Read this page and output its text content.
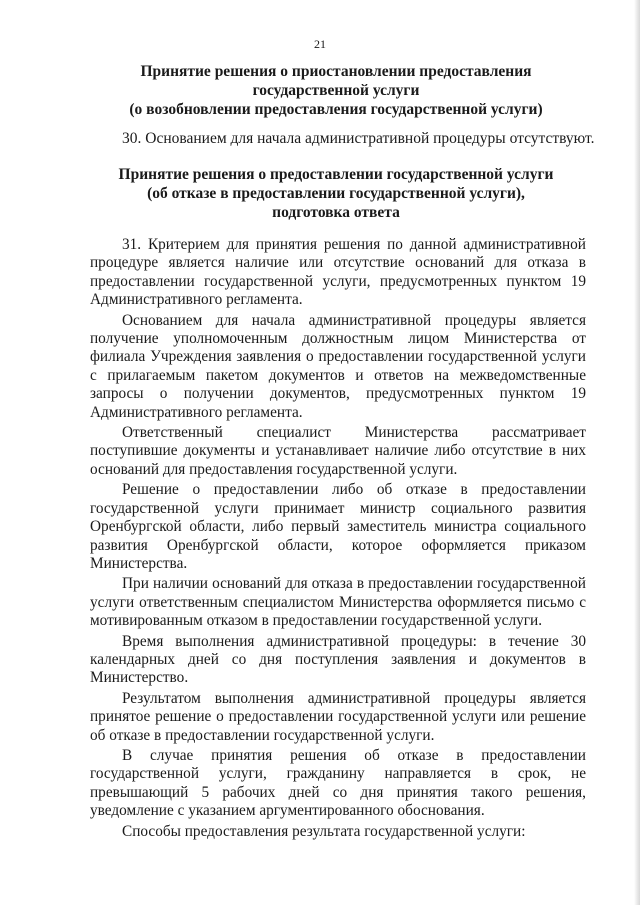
21
Принятие решения о приостановлении предоставления
государственной услуги
(о возобновлении предоставления государственной услуги)
30. Основанием для начала административной процедуры отсутствуют.
Принятие решения о предоставлении государственной услуги
(об отказе в предоставлении государственной услуги),
подготовка ответа

31. Критерием для принятия решения по данной административной процедуре является наличие или отсутствие оснований для отказа в предоставлении государственной услуги, предусмотренных пунктом 19 Административного регламента.

Основанием для начала административной процедуры является получение уполномоченным должностным лицом Министерства от филиала Учреждения заявления о предоставлении государственной услуги с прилагаемым пакетом документов и ответов на межведомственные запросы о получении документов, предусмотренных пунктом 19 Административного регламента.

Ответственный специалист Министерства рассматривает поступившие документы и устанавливает наличие либо отсутствие в них оснований для предоставления государственной услуги.

Решение о предоставлении либо об отказе в предоставлении государственной услуги принимает министр социального развития Оренбургской области, либо первый заместитель министра социального развития Оренбургской области, которое оформляется приказом Министерства.

При наличии оснований для отказа в предоставлении государственной услуги ответственным специалистом Министерства оформляется письмо с мотивированным отказом в предоставлении государственной услуги.

Время выполнения административной процедуры: в течение 30 календарных дней со дня поступления заявления и документов в Министерство.

Результатом выполнения административной процедуры является принятое решение о предоставлении государственной услуги или решение об отказе в предоставлении государственной услуги.

В случае принятия решения об отказе в предоставлении государственной услуги, гражданину направляется в срок, не превышающий 5 рабочих дней со дня принятия такого решения, уведомление с указанием аргументированного обоснования.

Способы предоставления результата государственной услуги:
